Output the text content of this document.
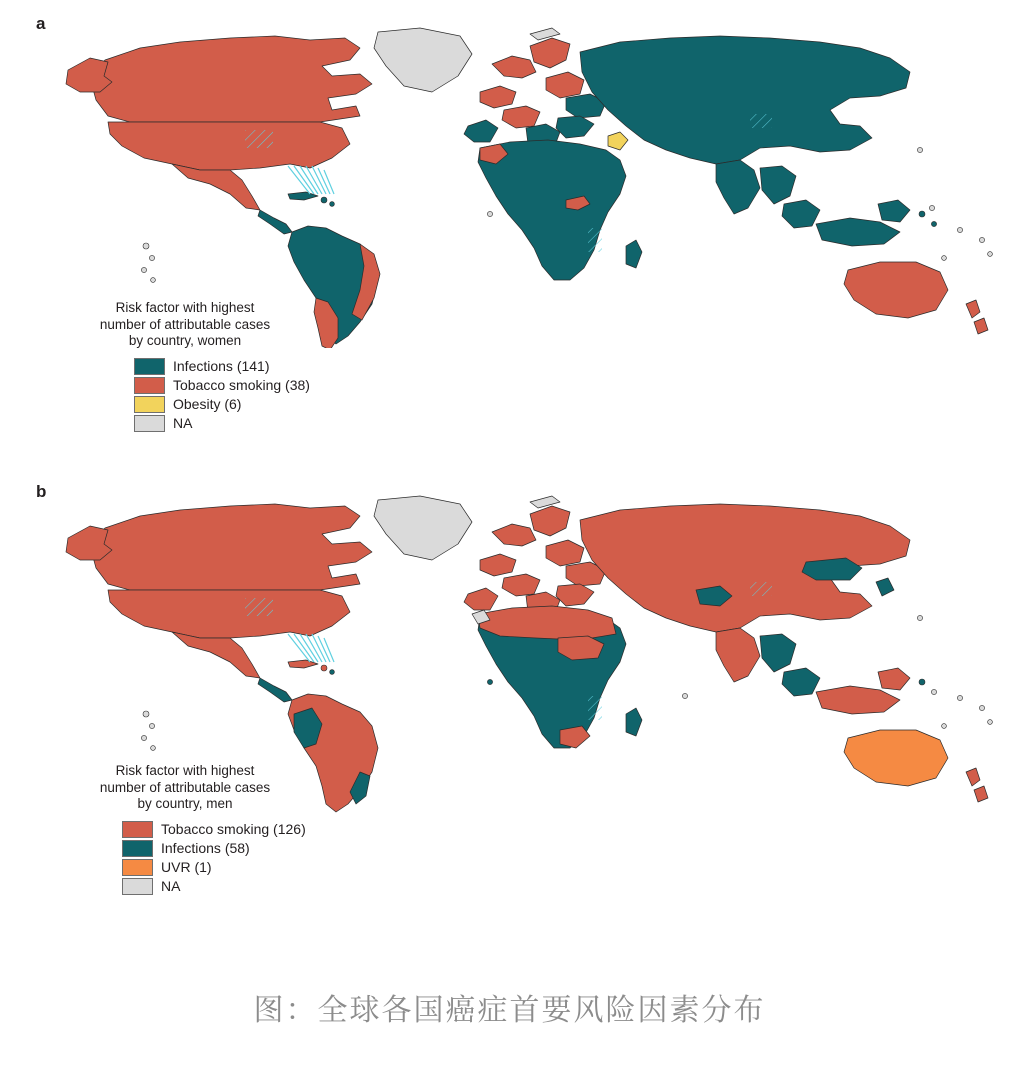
a
Risk factor with highest
number of attributable cases
by country, women
Infections (141)
Tobacco smoking (38)
Obesity (6)
NA
b
Risk factor with highest
number of attributable cases
by country, men
Tobacco smoking (126)
Infections (58)
UVR (1)
NA
图：全球各国癌症首要风险因素分布
